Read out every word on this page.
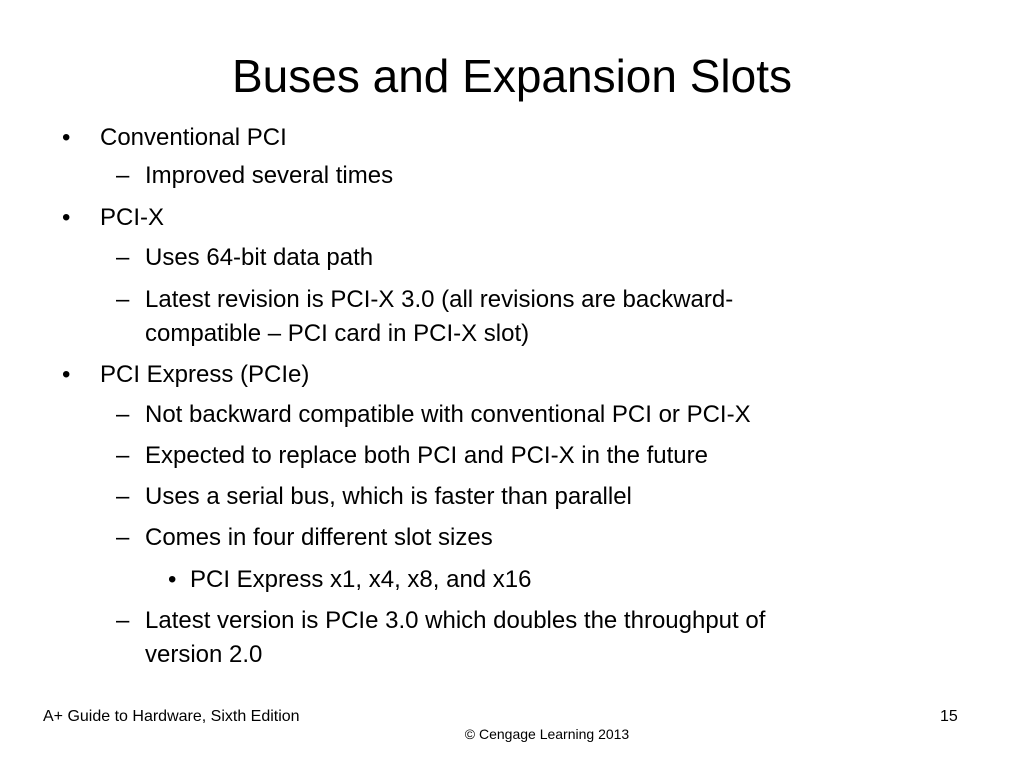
Buses and Expansion Slots
• Conventional PCI
– Improved several times
• PCI-X
– Uses 64-bit data path
– Latest revision is PCI-X 3.0 (all revisions are backward-
compatible – PCI card in PCI-X slot)
• PCI Express (PCIe)
– Not backward compatible with conventional PCI or PCI-X
– Expected to replace both PCI and PCI-X in the future
– Uses a serial bus, which is faster than parallel
– Comes in four different slot sizes
• PCI Express x1, x4, x8, and x16
– Latest version is PCIe 3.0 which doubles the throughput of
version 2.0
A+ Guide to Hardware, Sixth Edition	15
© Cengage Learning 2013
